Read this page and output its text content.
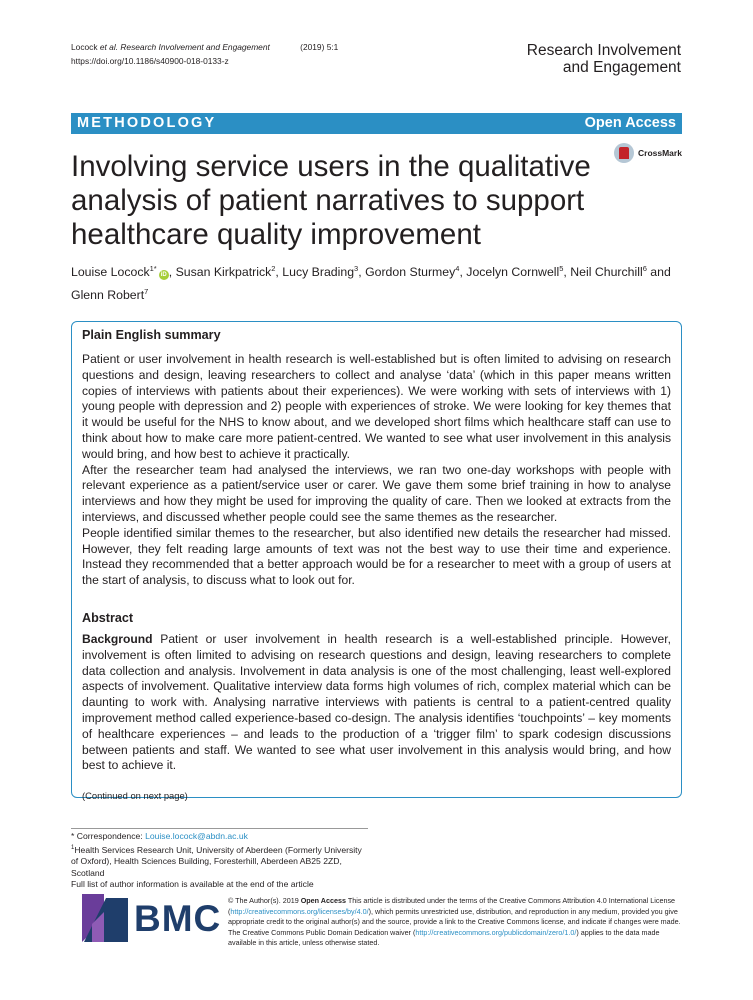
Locock et al. Research Involvement and Engagement	(2019) 5:1
https://doi.org/10.1186/s40900-018-0133-z
Research Involvement
and Engagement
METHODOLOGY	Open Access
Involving service users in the qualitative analysis of patient narratives to support healthcare quality improvement
CrossMark
Louise Locock$^{1*}$iD , Susan Kirkpatrick$^2$, Lucy Brading$^3$, Gordon Sturmey$^4$, Jocelyn Cornwell$^5$, Neil Churchill$^6$ and Glenn Robert$^7$
Plain English summary

Patient or user involvement in health research is well-established but is often limited to advising on research questions and design, leaving researchers to collect and analyse ‘data’ (which in this paper means written copies of interviews with patients about their experiences). We were working with sets of interviews with 1) young people with depression and 2) people with experiences of stroke. We were looking for key themes that it would be useful for the NHS to know about, and we developed short films which healthcare staff can use to think about how to make care more patient-centred. We wanted to see what user involvement in this analysis would bring, and how best to achieve it practically.

After the researcher team had analysed the interviews, we ran two one-day workshops with people with relevant experience as a patient/service user or carer. We gave them some brief training in how to analyse interviews and how they might be used for improving the quality of care. Then we looked at extracts from the interviews, and discussed whether people could see the same themes as the researcher.

People identified similar themes to the researcher, but also identified new details the researcher had missed. However, they felt reading large amounts of text was not the best way to use their time and experience. Instead they recommended that a better approach would be for a researcher to meet with a group of users at the start of analysis, to discuss what to look out for.

Abstract
Background Patient or user involvement in health research is a well-established principle. However, involvement is often limited to advising on research questions and design, leaving researchers to complete data collection and analysis. Involvement in data analysis is one of the most challenging, least well-explored aspects of involvement. Qualitative interview data forms high volumes of rich, complex material which can be daunting to work with. Analysing narrative interviews with patients is central to a patient-centred quality improvement method called experience-based co-design. The analysis identifies ‘touchpoints’ – key moments of healthcare experiences – and leads to the production of a ‘trigger film’ to spark codesign discussions between patients and staff. We wanted to see what user involvement in this analysis would bring, and how best to achieve it.
(Continued on next page)
* Correspondence: Louise.locock@abdn.ac.uk
$^1$Health Services Research Unit, University of Aberdeen (Formerly University of Oxford), Health Sciences Building, Foresterhill, Aberdeen AB25 2ZD, Scotland
Full list of author information is available at the end of the article
BMC © The Author(s). 2019 Open Access This article is distributed under the terms of the Creative Commons Attribution 4.0 International License (http://creativecommons.org/licenses/by/4.0/), which permits unrestricted use, distribution, and reproduction in any medium, provided you give appropriate credit to the original author(s) and the source, provide a link to the Creative Commons license, and indicate if changes were made. The Creative Commons Public Domain Dedication waiver (http://creativecommons.org/publicdomain/zero/1.0/) applies to the data made available in this article, unless otherwise stated.
